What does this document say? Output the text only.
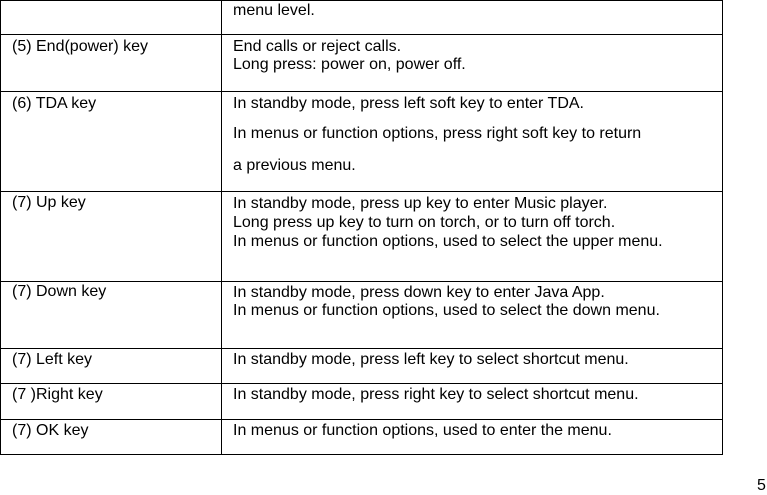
	menu level.

(5) End(power) key	End calls or reject calls.
Long press: power on, power off.

(6) TDA key	In standby mode, press left soft key to enter TDA.
In menus or function options, press right soft key to return
a previous menu.

(7) Up key	In standby mode, press up key to enter Music player.
Long press up key to turn on torch, or to turn off torch.
In menus or function options, used to select the upper menu.

(7) Down key	In standby mode, press down key to enter Java App.
In menus or function options, used to select the down menu.

(7) Left key	In standby mode, press left key to select shortcut menu.

(7 )Right key	In standby mode, press right key to select shortcut menu.

(7) OK key	In menus or function options, used to enter the menu.
5
